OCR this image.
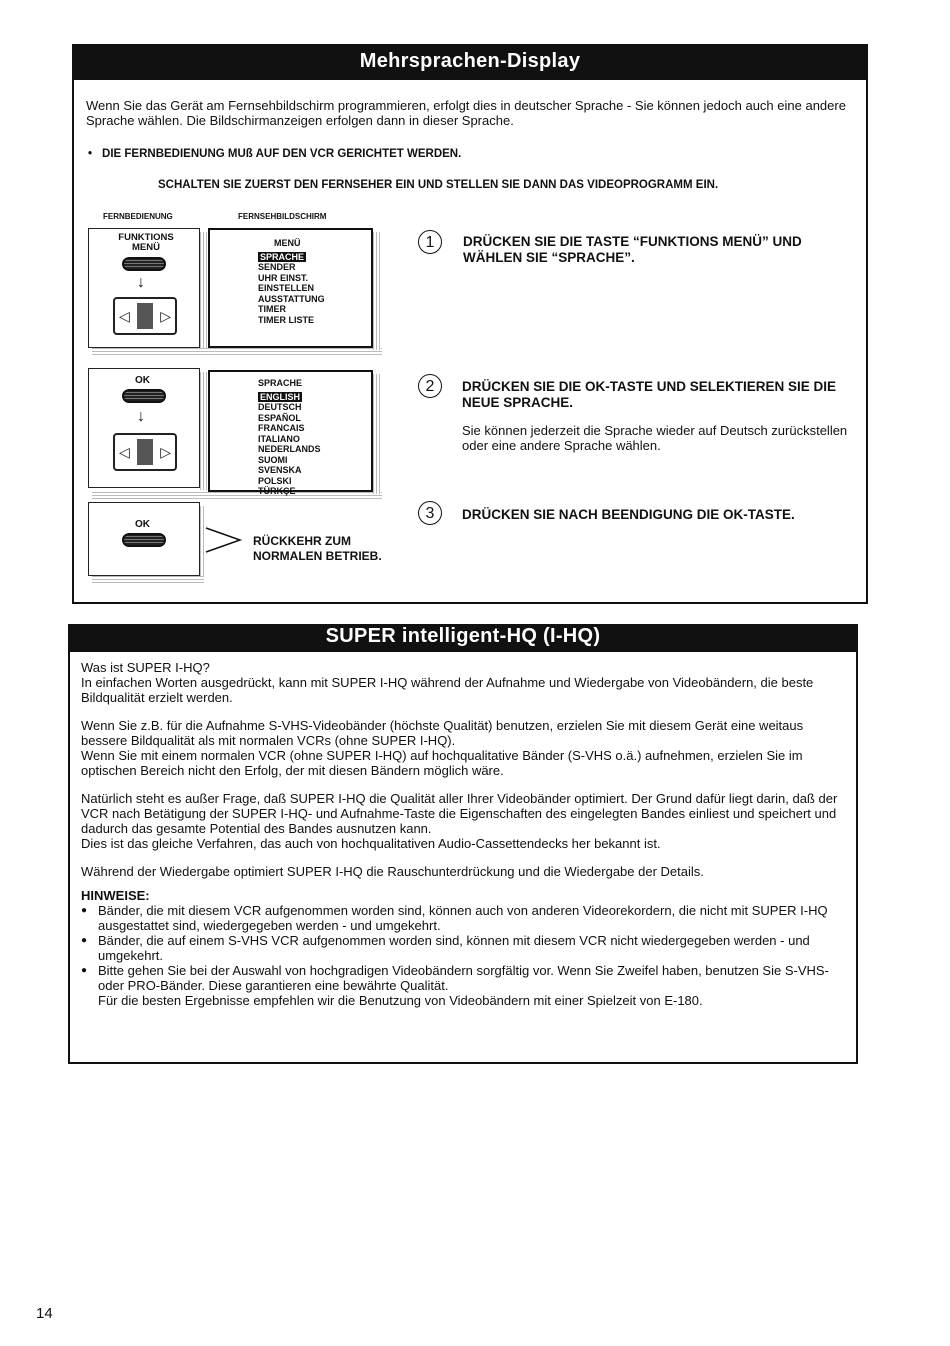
Mehrsprachen-Display

Wenn Sie das Gerät am Fernsehbildschirm programmieren, erfolgt dies in deutscher Sprache - Sie können jedoch auch eine andere Sprache wählen. Die Bildschirmanzeigen erfolgen dann in dieser Sprache.

• DIE FERNBEDIENUNG MUß AUF DEN VCR GERICHTET WERDEN.
SCHALTEN SIE ZUERST DEN FERNSEHER EIN UND STELLEN SIE DANN DAS VIDEOPROGRAMM EIN.
FERNBEDIENUNG	FERNSEHBILDSCHIRM
FUNKTIONS MENÜ
↓
◁ ▷
MENÜ
SPRACHE
SENDER
UHR EINST.
EINSTELLEN
AUSSTATTUNG
TIMER
TIMER LISTE
1	DRÜCKEN SIE DIE TASTE “FUNKTIONS MENÜ” UND WÄHLEN SIE “SPRACHE”.
OK
↓
◁ ▷
SPRACHE
ENGLISH
DEUTSCH
ESPAÑOL
FRANCAIS
ITALIANO
NEDERLANDS
SUOMI
SVENSKA
POLSKI
TÜRKÇE
2	DRÜCKEN SIE DIE OK-TASTE UND SELEKTIEREN SIE DIE NEUE SPRACHE.

Sie können jederzeit die Sprache wieder auf Deutsch zurückstellen oder eine andere Sprache wählen.

OK
RÜCKKEHR ZUM NORMALEN BETRIEB.
3	DRÜCKEN SIE NACH BEENDIGUNG DIE OK-TASTE.
SUPER intelligent-HQ (I-HQ)

Was ist SUPER I-HQ?

In einfachen Worten ausgedrückt, kann mit SUPER I-HQ während der Aufnahme und Wiedergabe von Videobändern, die beste Bildqualität erzielt werden.

Wenn Sie z.B. für die Aufnahme S-VHS-Videobänder (höchste Qualität) benutzen, erzielen Sie mit diesem Gerät eine weitaus bessere Bildqualität als mit normalen VCRs (ohne SUPER I-HQ).

Wenn Sie mit einem normalen VCR (ohne SUPER I-HQ) auf hochqualitative Bänder (S-VHS o.ä.) aufnehmen, erzielen Sie im optischen Bereich nicht den Erfolg, der mit diesen Bändern möglich wäre.

Natürlich steht es außer Frage, daß SUPER I-HQ die Qualität aller Ihrer Videobänder optimiert. Der Grund dafür liegt darin, daß der VCR nach Betätigung der SUPER I-HQ- und Aufnahme-Taste die Eigenschaften des eingelegten Bandes einliest und speichert und dadurch das gesamte Potential des Bandes ausnutzen kann.

Dies ist das gleiche Verfahren, das auch von hochqualitativen Audio-Cassettendecks her bekannt ist.

Während der Wiedergabe optimiert SUPER I-HQ die Rauschunterdrückung und die Wiedergabe der Details.

HINWEISE:

● Bänder, die mit diesem VCR aufgenommen worden sind, können auch von anderen Videorekordern, die nicht mit SUPER I-HQ ausgestattet sind, wiedergegeben werden - und umgekehrt.
● Bänder, die auf einem S-VHS VCR aufgenommen worden sind, können mit diesem VCR nicht wiedergegeben werden - und umgekehrt.
● Bitte gehen Sie bei der Auswahl von hochgradigen Videobändern sorgfältig vor. Wenn Sie Zweifel haben, benutzen Sie S-VHS- oder PRO-Bänder. Diese garantieren eine bewährte Qualität.

Für die besten Ergebnisse empfehlen wir die Benutzung von Videobändern mit einer Spielzeit von E-180.

14
